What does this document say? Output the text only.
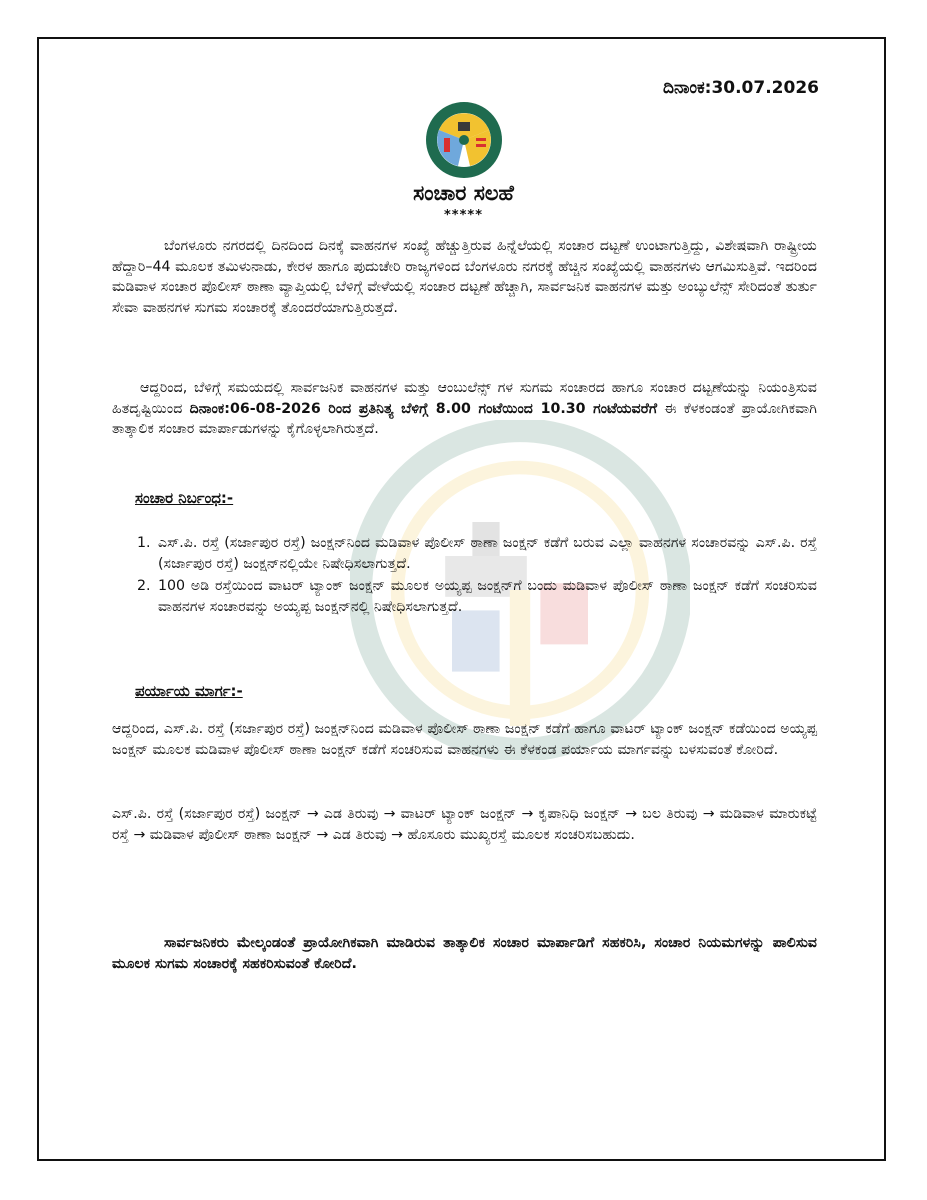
ದಿನಾಂಕ:30.07.2026
ಸಂಚಾರ ಸಲಹೆ
*****
ಬೆಂಗಳೂರು ನಗರದಲ್ಲಿ ದಿನದಿಂದ ದಿನಕ್ಕೆ ವಾಹನಗಳ ಸಂಖ್ಯೆ ಹೆಚ್ಚುತ್ತಿರುವ ಹಿನ್ನೆಲೆಯಲ್ಲಿ ಸಂಚಾರ ದಟ್ಟಣೆ ಉಂಟಾಗುತ್ತಿದ್ದು, ವಿಶೇಷವಾಗಿ ರಾಷ್ಟ್ರೀಯ ಹೆದ್ದಾರಿ–44 ಮೂಲಕ ತಮಿಳುನಾಡು, ಕೇರಳ ಹಾಗೂ ಪುದುಚೇರಿ ರಾಜ್ಯಗಳಿಂದ ಬೆಂಗಳೂರು ನಗರಕ್ಕೆ ಹೆಚ್ಚಿನ ಸಂಖ್ಯೆಯಲ್ಲಿ ವಾಹನಗಳು ಆಗಮಿಸುತ್ತಿವೆ. ಇದರಿಂದ ಮಡಿವಾಳ ಸಂಚಾರ ಪೊಲೀಸ್ ಠಾಣಾ ವ್ಯಾಪ್ತಿಯಲ್ಲಿ ಬೆಳಿಗ್ಗೆ ವೇಳೆಯಲ್ಲಿ ಸಂಚಾರ ದಟ್ಟಣೆ ಹೆಚ್ಚಾಗಿ, ಸಾರ್ವಜನಿಕ ವಾಹನಗಳ ಮತ್ತು ಅಂಬ್ಯುಲೆನ್ಸ್ ಸೇರಿದಂತೆ ತುರ್ತು ಸೇವಾ ವಾಹನಗಳ ಸುಗಮ ಸಂಚಾರಕ್ಕೆ ತೊಂದರೆಯಾಗುತ್ತಿರುತ್ತದೆ.
ಆದ್ದರಿಂದ, ಬೆಳಿಗ್ಗೆ ಸಮಯದಲ್ಲಿ ಸಾರ್ವಜನಿಕ ವಾಹನಗಳ ಮತ್ತು ಆಂಬುಲೆನ್ಸ್ ಗಳ ಸುಗಮ ಸಂಚಾರದ ಹಾಗೂ ಸಂಚಾರ ದಟ್ಟಣೆಯನ್ನು ನಿಯಂತ್ರಿಸುವ ಹಿತದೃಷ್ಟಿಯಿಂದ ದಿನಾಂಕ:06-08-2026 ರಿಂದ ಪ್ರತಿನಿತ್ಯ ಬೆಳಿಗ್ಗೆ 8.00 ಗಂಟೆಯಿಂದ 10.30 ಗಂಟೆಯವರೆಗೆ ಈ ಕೆಳಕಂಡಂತೆ ಪ್ರಾಯೋಗಿಕವಾಗಿ ತಾತ್ಕಾಲಿಕ ಸಂಚಾರ ಮಾರ್ಪಾಡುಗಳನ್ನು ಕೈಗೊಳ್ಳಲಾಗಿರುತ್ತದೆ.
ಸಂಚಾರ ನಿರ್ಬಂಧ:-
1. ಎಸ್.ಪಿ. ರಸ್ತೆ (ಸರ್ಜಾಪುರ ರಸ್ತೆ) ಜಂಕ್ಷನ್‌ನಿಂದ ಮಡಿವಾಳ ಪೊಲೀಸ್ ಠಾಣಾ ಜಂಕ್ಷನ್ ಕಡೆಗೆ ಬರುವ ಎಲ್ಲಾ ವಾಹನಗಳ ಸಂಚಾರವನ್ನು ಎಸ್.ಪಿ. ರಸ್ತೆ (ಸರ್ಜಾಪುರ ರಸ್ತೆ) ಜಂಕ್ಷನ್‌ನಲ್ಲಿಯೇ ನಿಷೇಧಿಸಲಾಗುತ್ತದೆ.
2. 100 ಅಡಿ ರಸ್ತೆಯಿಂದ ವಾಟರ್ ಟ್ಯಾಂಕ್ ಜಂಕ್ಷನ್ ಮೂಲಕ ಅಯ್ಯಪ್ಪ ಜಂಕ್ಷನ್‌ಗೆ ಬಂದು ಮಡಿವಾಳ ಪೊಲೀಸ್ ಠಾಣಾ ಜಂಕ್ಷನ್ ಕಡೆಗೆ ಸಂಚರಿಸುವ ವಾಹನಗಳ ಸಂಚಾರವನ್ನು ಅಯ್ಯಪ್ಪ ಜಂಕ್ಷನ್‌ನಲ್ಲಿ ನಿಷೇಧಿಸಲಾಗುತ್ತದೆ.
ಪರ್ಯಾಯ ಮಾರ್ಗ:-
ಆದ್ದರಿಂದ, ಎಸ್.ಪಿ. ರಸ್ತೆ (ಸರ್ಜಾಪುರ ರಸ್ತೆ) ಜಂಕ್ಷನ್‌ನಿಂದ ಮಡಿವಾಳ ಪೊಲೀಸ್ ಠಾಣಾ ಜಂಕ್ಷನ್ ಕಡೆಗೆ ಹಾಗೂ ವಾಟರ್ ಟ್ಯಾಂಕ್ ಜಂಕ್ಷನ್ ಕಡೆಯಿಂದ ಅಯ್ಯಪ್ಪ ಜಂಕ್ಷನ್ ಮೂಲಕ ಮಡಿವಾಳ ಪೊಲೀಸ್ ಠಾಣಾ ಜಂಕ್ಷನ್ ಕಡೆಗೆ ಸಂಚರಿಸುವ ವಾಹನಗಳು ಈ ಕೆಳಕಂಡ ಪರ್ಯಾಯ ಮಾರ್ಗವನ್ನು ಬಳಸುವಂತೆ ಕೋರಿದೆ.
ಎಸ್.ಪಿ. ರಸ್ತೆ (ಸರ್ಜಾಪುರ ರಸ್ತೆ) ಜಂಕ್ಷನ್ → ಎಡ ತಿರುವು → ವಾಟರ್ ಟ್ಯಾಂಕ್ ಜಂಕ್ಷನ್ → ಕೃಪಾನಿಧಿ ಜಂಕ್ಷನ್ → ಬಲ ತಿರುವು → ಮಡಿವಾಳ ಮಾರುಕಟ್ಟೆ ರಸ್ತೆ → ಮಡಿವಾಳ ಪೊಲೀಸ್ ಠಾಣಾ ಜಂಕ್ಷನ್ → ಎಡ ತಿರುವು → ಹೊಸೂರು ಮುಖ್ಯರಸ್ತೆ ಮೂಲಕ ಸಂಚರಿಸಬಹುದು.
ಸಾರ್ವಜನಿಕರು ಮೇಲ್ಕಂಡಂತೆ ಪ್ರಾಯೋಗಿಕವಾಗಿ ಮಾಡಿರುವ ತಾತ್ಕಾಲಿಕ ಸಂಚಾರ ಮಾರ್ಪಾಡಿಗೆ ಸಹಕರಿಸಿ, ಸಂಚಾರ ನಿಯಮಗಳನ್ನು ಪಾಲಿಸುವ ಮೂಲಕ ಸುಗಮ ಸಂಚಾರಕ್ಕೆ ಸಹಕರಿಸುವಂತೆ ಕೋರಿದೆ.
